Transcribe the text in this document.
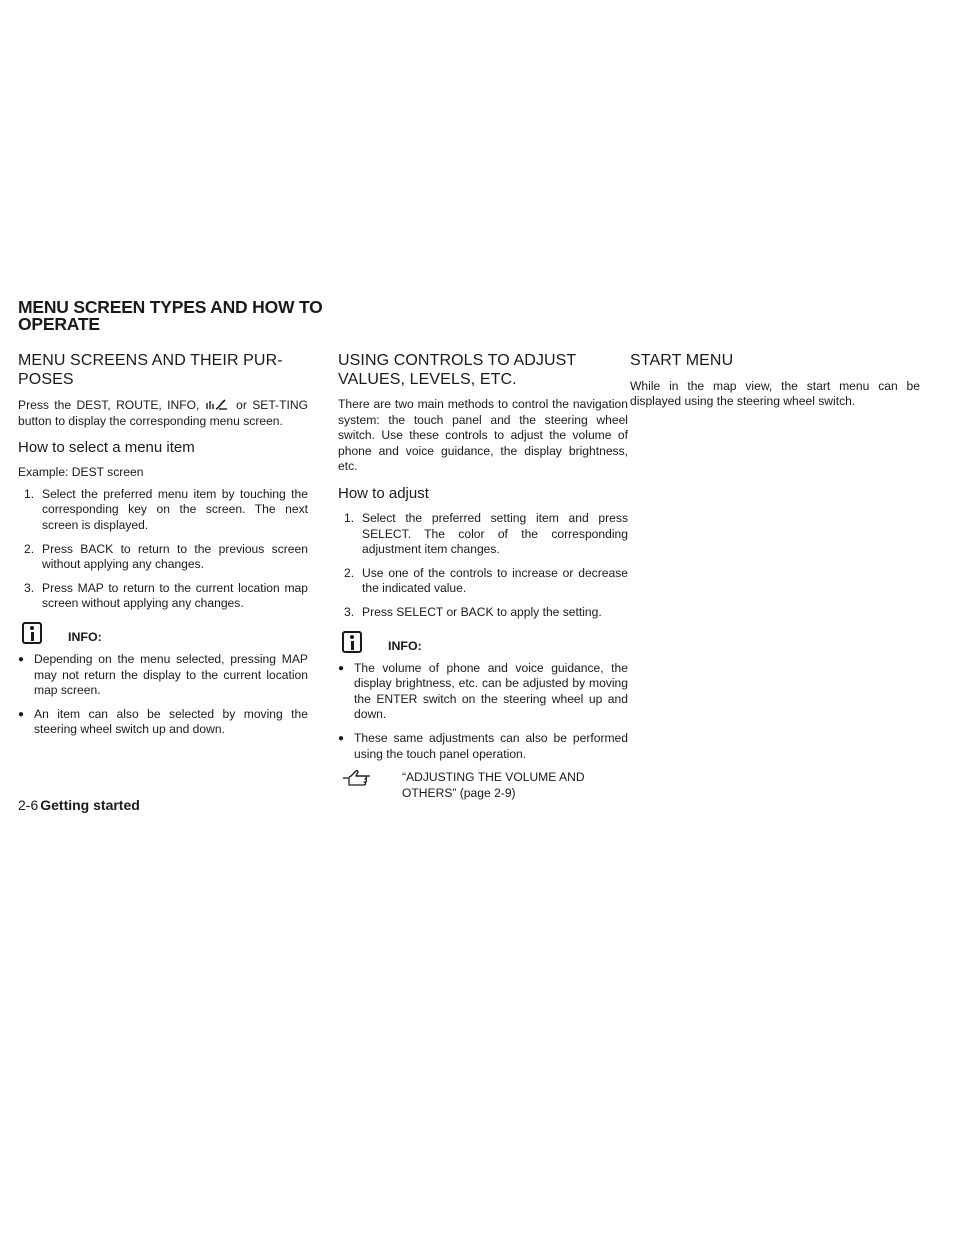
MENU SCREEN TYPES AND HOW TO
OPERATE
MENU SCREENS AND THEIR PUR-
POSES

Press the DEST, ROUTE, INFO,	or SET-TING button to display the corresponding menu screen.

How to select a menu item

Example: DEST screen

1. Select the preferred menu item by touching the corresponding key on the screen. The next screen is displayed.
2. Press BACK to return to the previous screen without applying any changes.
3. Press MAP to return to the current location map screen without applying any changes.
INFO:
● Depending on the menu selected, pressing MAP may not return the display to the current location map screen.
● An item can also be selected by moving the steering wheel switch up and down.
USING CONTROLS TO ADJUST
VALUES, LEVELS, ETC.

There are two main methods to control the navigation system: the touch panel and the steering wheel switch. Use these controls to adjust the volume of phone and voice guidance, the display brightness, etc.

How to adjust
1. Select the preferred setting item and press SELECT. The color of the corresponding adjustment item changes.
2. Use one of the controls to increase or decrease the indicated value.
3. Press SELECT or BACK to apply the setting.
INFO:
● The volume of phone and voice guidance, the display brightness, etc. can be adjusted by moving the ENTER switch on the steering wheel up and down.
● These same adjustments can also be performed using the touch panel operation.
“ADJUSTING THE VOLUME AND
OTHERS” (page 2-9)
START MENU

While in the map view, the start menu can be displayed using the steering wheel switch.

2-6 Getting started
